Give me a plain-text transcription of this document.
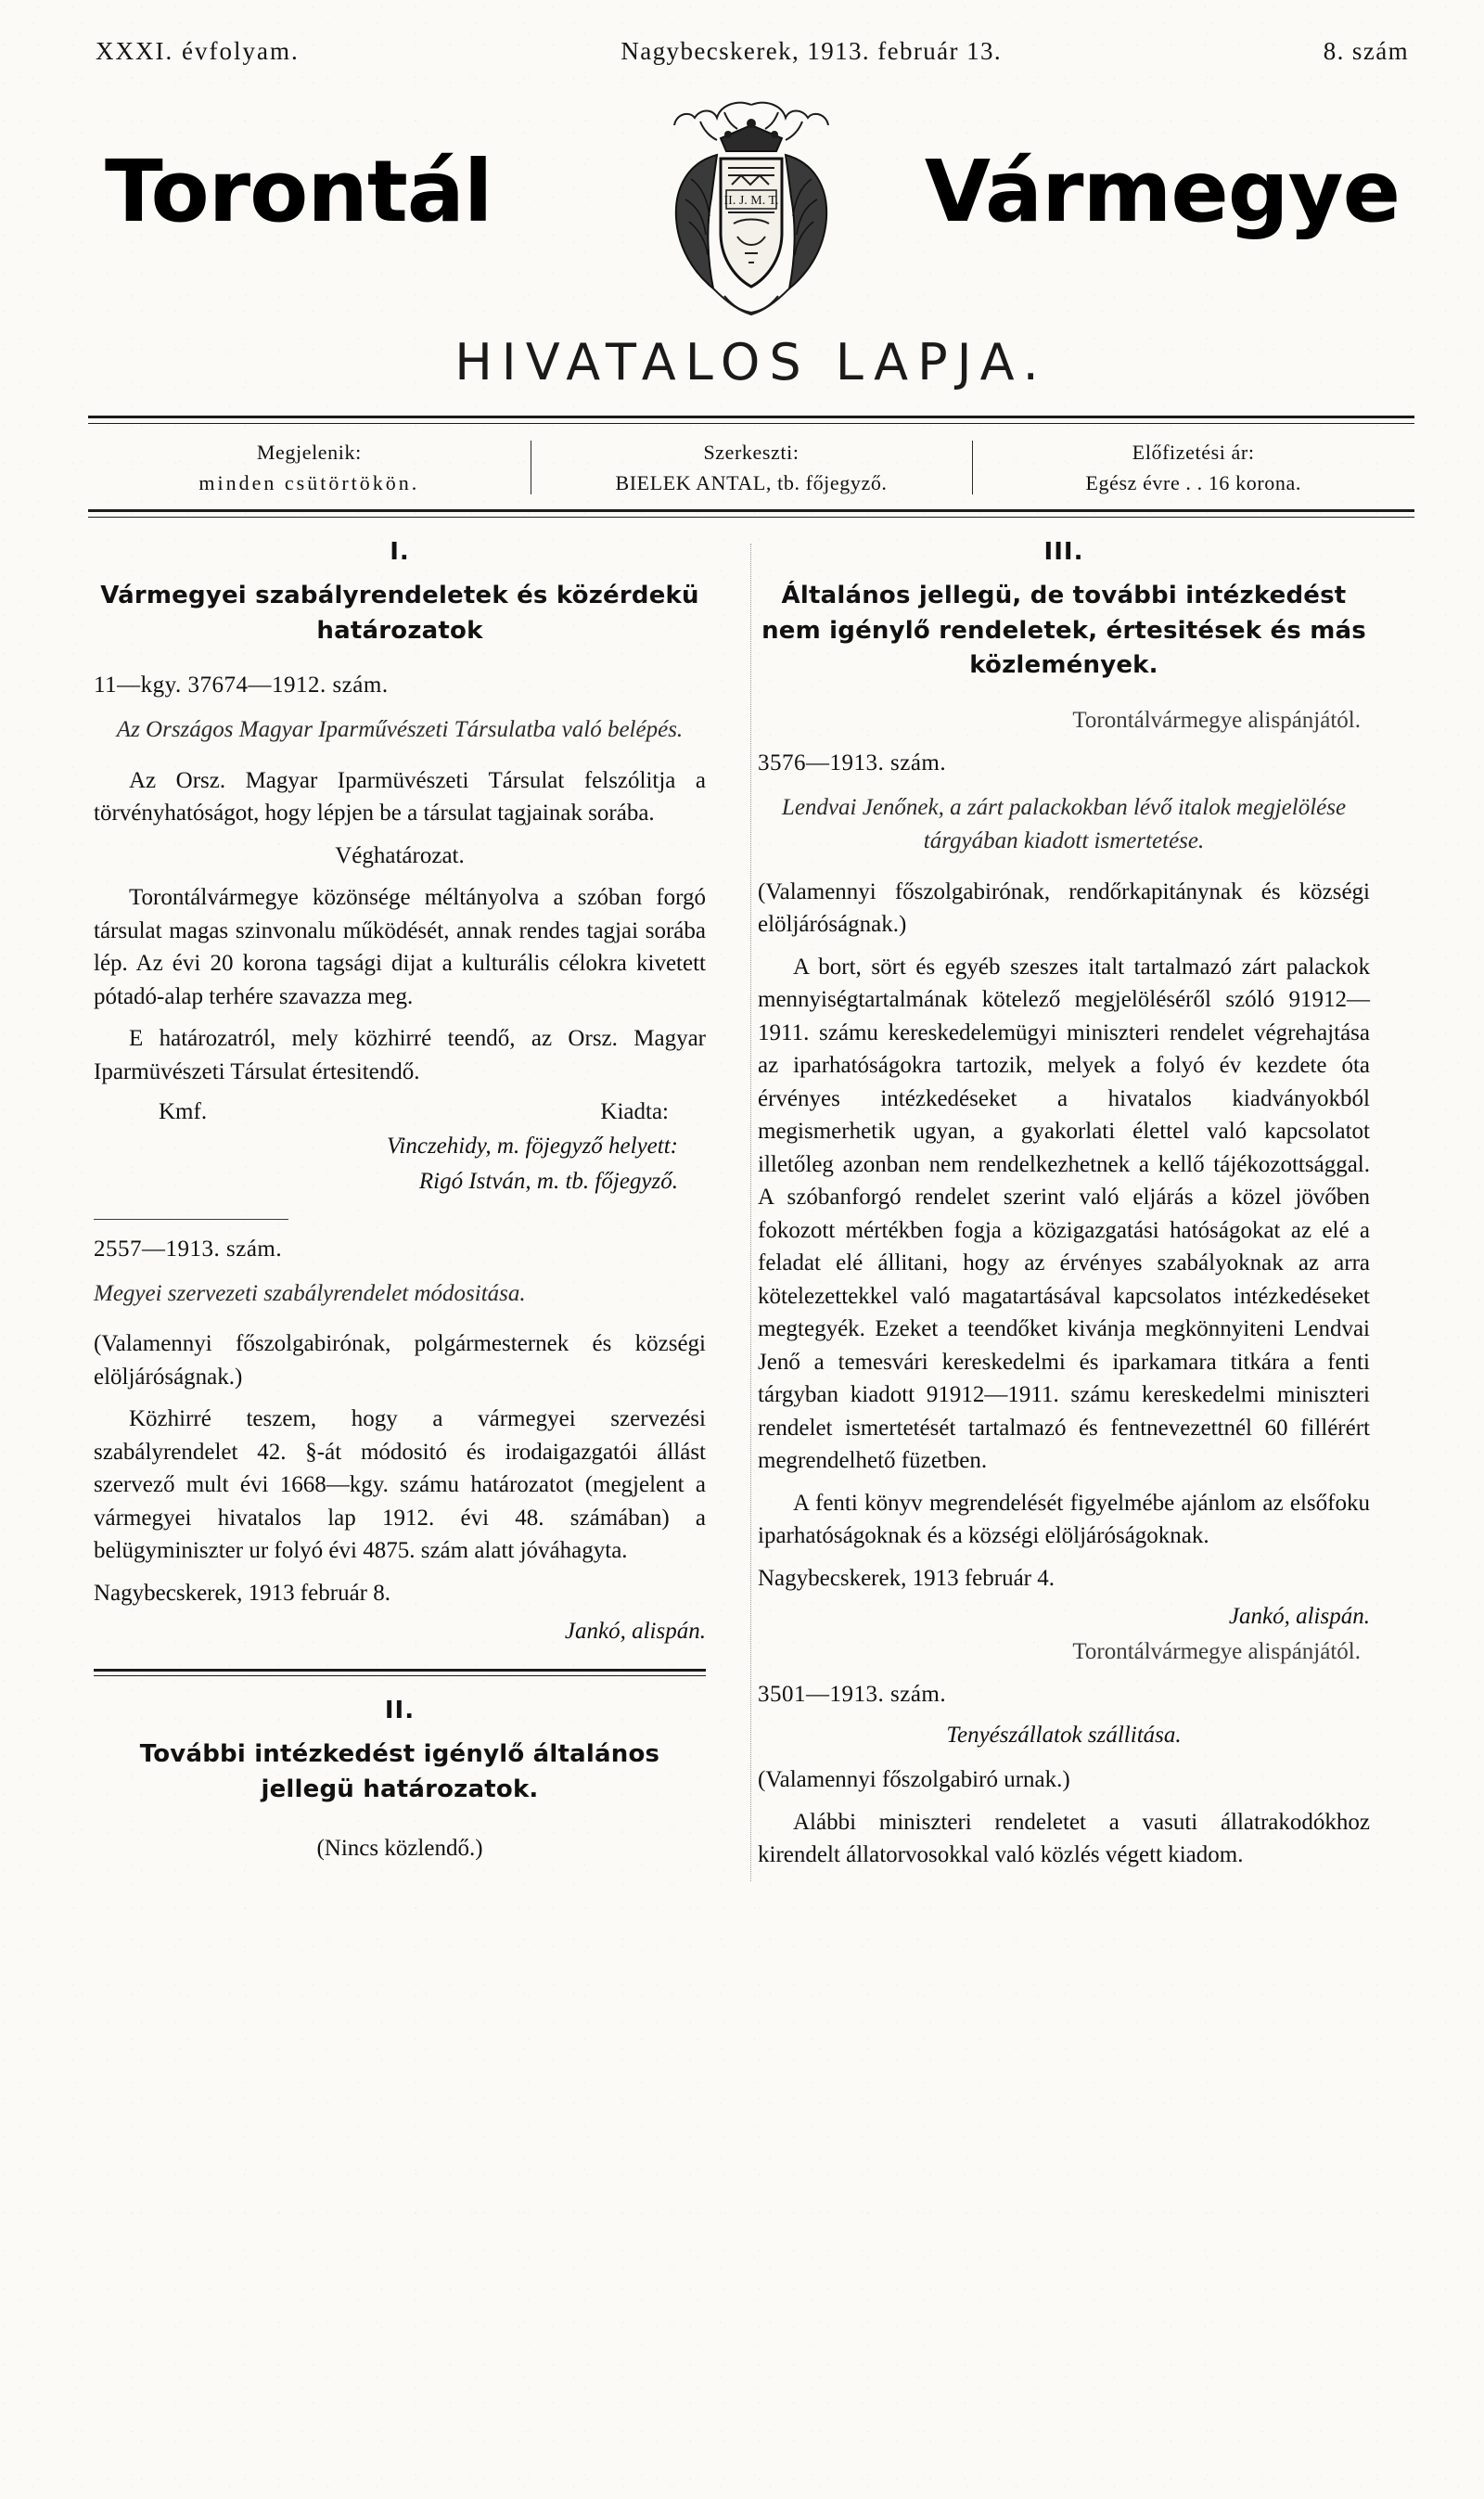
XXXI. évfolyam.	Nagybecskerek, 1913. február 13.	8. szám
Torontál	II. J. M. T. Vármegye
HIVATALOS LAPJA.
Megjelenik:
minden csütörtökön.
Szerkeszti:
BIELEK ANTAL, tb. főjegyző.
Előfizetési ár:
Egész évre . . 16 korona.
I.
Vármegyei szabályrendeletek és közérdekü határozatok
11—kgy. 37674—1912. szám.
Az Országos Magyar Iparművészeti Társulatba való belépés.

Az Orsz. Magyar Iparmüvészeti Társulat felszólitja a törvényhatóságot, hogy lépjen be a társulat tagjainak sorába.

Véghatározat.

Torontálvármegye közönsége méltányolva a szóban forgó társulat magas szinvonalu működését, annak rendes tagjai sorába lép. Az évi 20 korona tagsági dijat a kulturális célokra kivetett pótadó-alap terhére szavazza meg.

E határozatról, mely közhirré teendő, az Orsz. Magyar Iparmüvészeti Társulat értesitendő.

Kmf.	Kiadta:
Vinczehidy, m. föjegyző helyett:
Rigó István, m. tb. főjegyző.
2557—1913. szám.
Megyei szervezeti szabályrendelet módositása.

(Valamennyi főszolgabirónak, polgármesternek és községi elöljáróságnak.)

Közhirré teszem, hogy a vármegyei szervezési szabályrendelet 42. §-át módositó és irodaigazgatói állást szervező mult évi 1668—kgy. számu határozatot (megjelent a vármegyei hivatalos lap 1912. évi 48. számában) a belügyminiszter ur folyó évi 4875. szám alatt jóváhagyta.

Nagybecskerek, 1913 február 8.

Jankó, alispán.
II.
További intézkedést igénylő általános jellegü határozatok.

(Nincs közlendő.)

III.
Általános jellegü, de további intézkedést nem igénylő rendeletek, értesitések és más közlemények.
Torontálvármegye alispánjától.
3576—1913. szám.
Lendvai Jenőnek, a zárt palackokban lévő italok megjelölése tárgyában kiadott ismertetése.

(Valamennyi főszolgabirónak, rendőrkapitánynak és községi elöljáróságnak.)

A bort, sört és egyéb szeszes italt tartalmazó zárt palackok mennyiségtartalmának kötelező megjelöléséről szóló 91912—1911. számu kereskedelemügyi miniszteri rendelet végrehajtása az iparhatóságokra tartozik, melyek a folyó év kezdete óta érvényes intézkedéseket a hivatalos kiadványokból megismerhetik ugyan, a gyakorlati élettel való kapcsolatot illetőleg azonban nem rendelkezhetnek a kellő tájékozottsággal. A szóbanforgó rendelet szerint való eljárás a közel jövőben fokozott mértékben fogja a közigazgatási hatóságokat az elé a feladat elé állitani, hogy az érvényes szabályoknak az arra kötelezettekkel való magatartásával kapcsolatos intézkedéseket megtegyék. Ezeket a teendőket kivánja megkönnyiteni Lendvai Jenő a temesvári kereskedelmi és iparkamara titkára a fenti tárgyban kiadott 91912—1911. számu kereskedelmi miniszteri rendelet ismertetését tartalmazó és fentnevezettnél 60 fillérért megrendelhető füzetben.

A fenti könyv megrendelését figyelmébe ajánlom az elsőfoku iparhatóságoknak és a községi elöljáróságoknak.

Nagybecskerek, 1913 február 4.

Jankó, alispán.
Torontálvármegye alispánjától.
3501—1913. szám.
Tenyészállatok szállitása.

(Valamennyi főszolgabiró urnak.)

Alábbi miniszteri rendeletet a vasuti állatrakodókhoz kirendelt állatorvosokkal való közlés végett kiadom.
